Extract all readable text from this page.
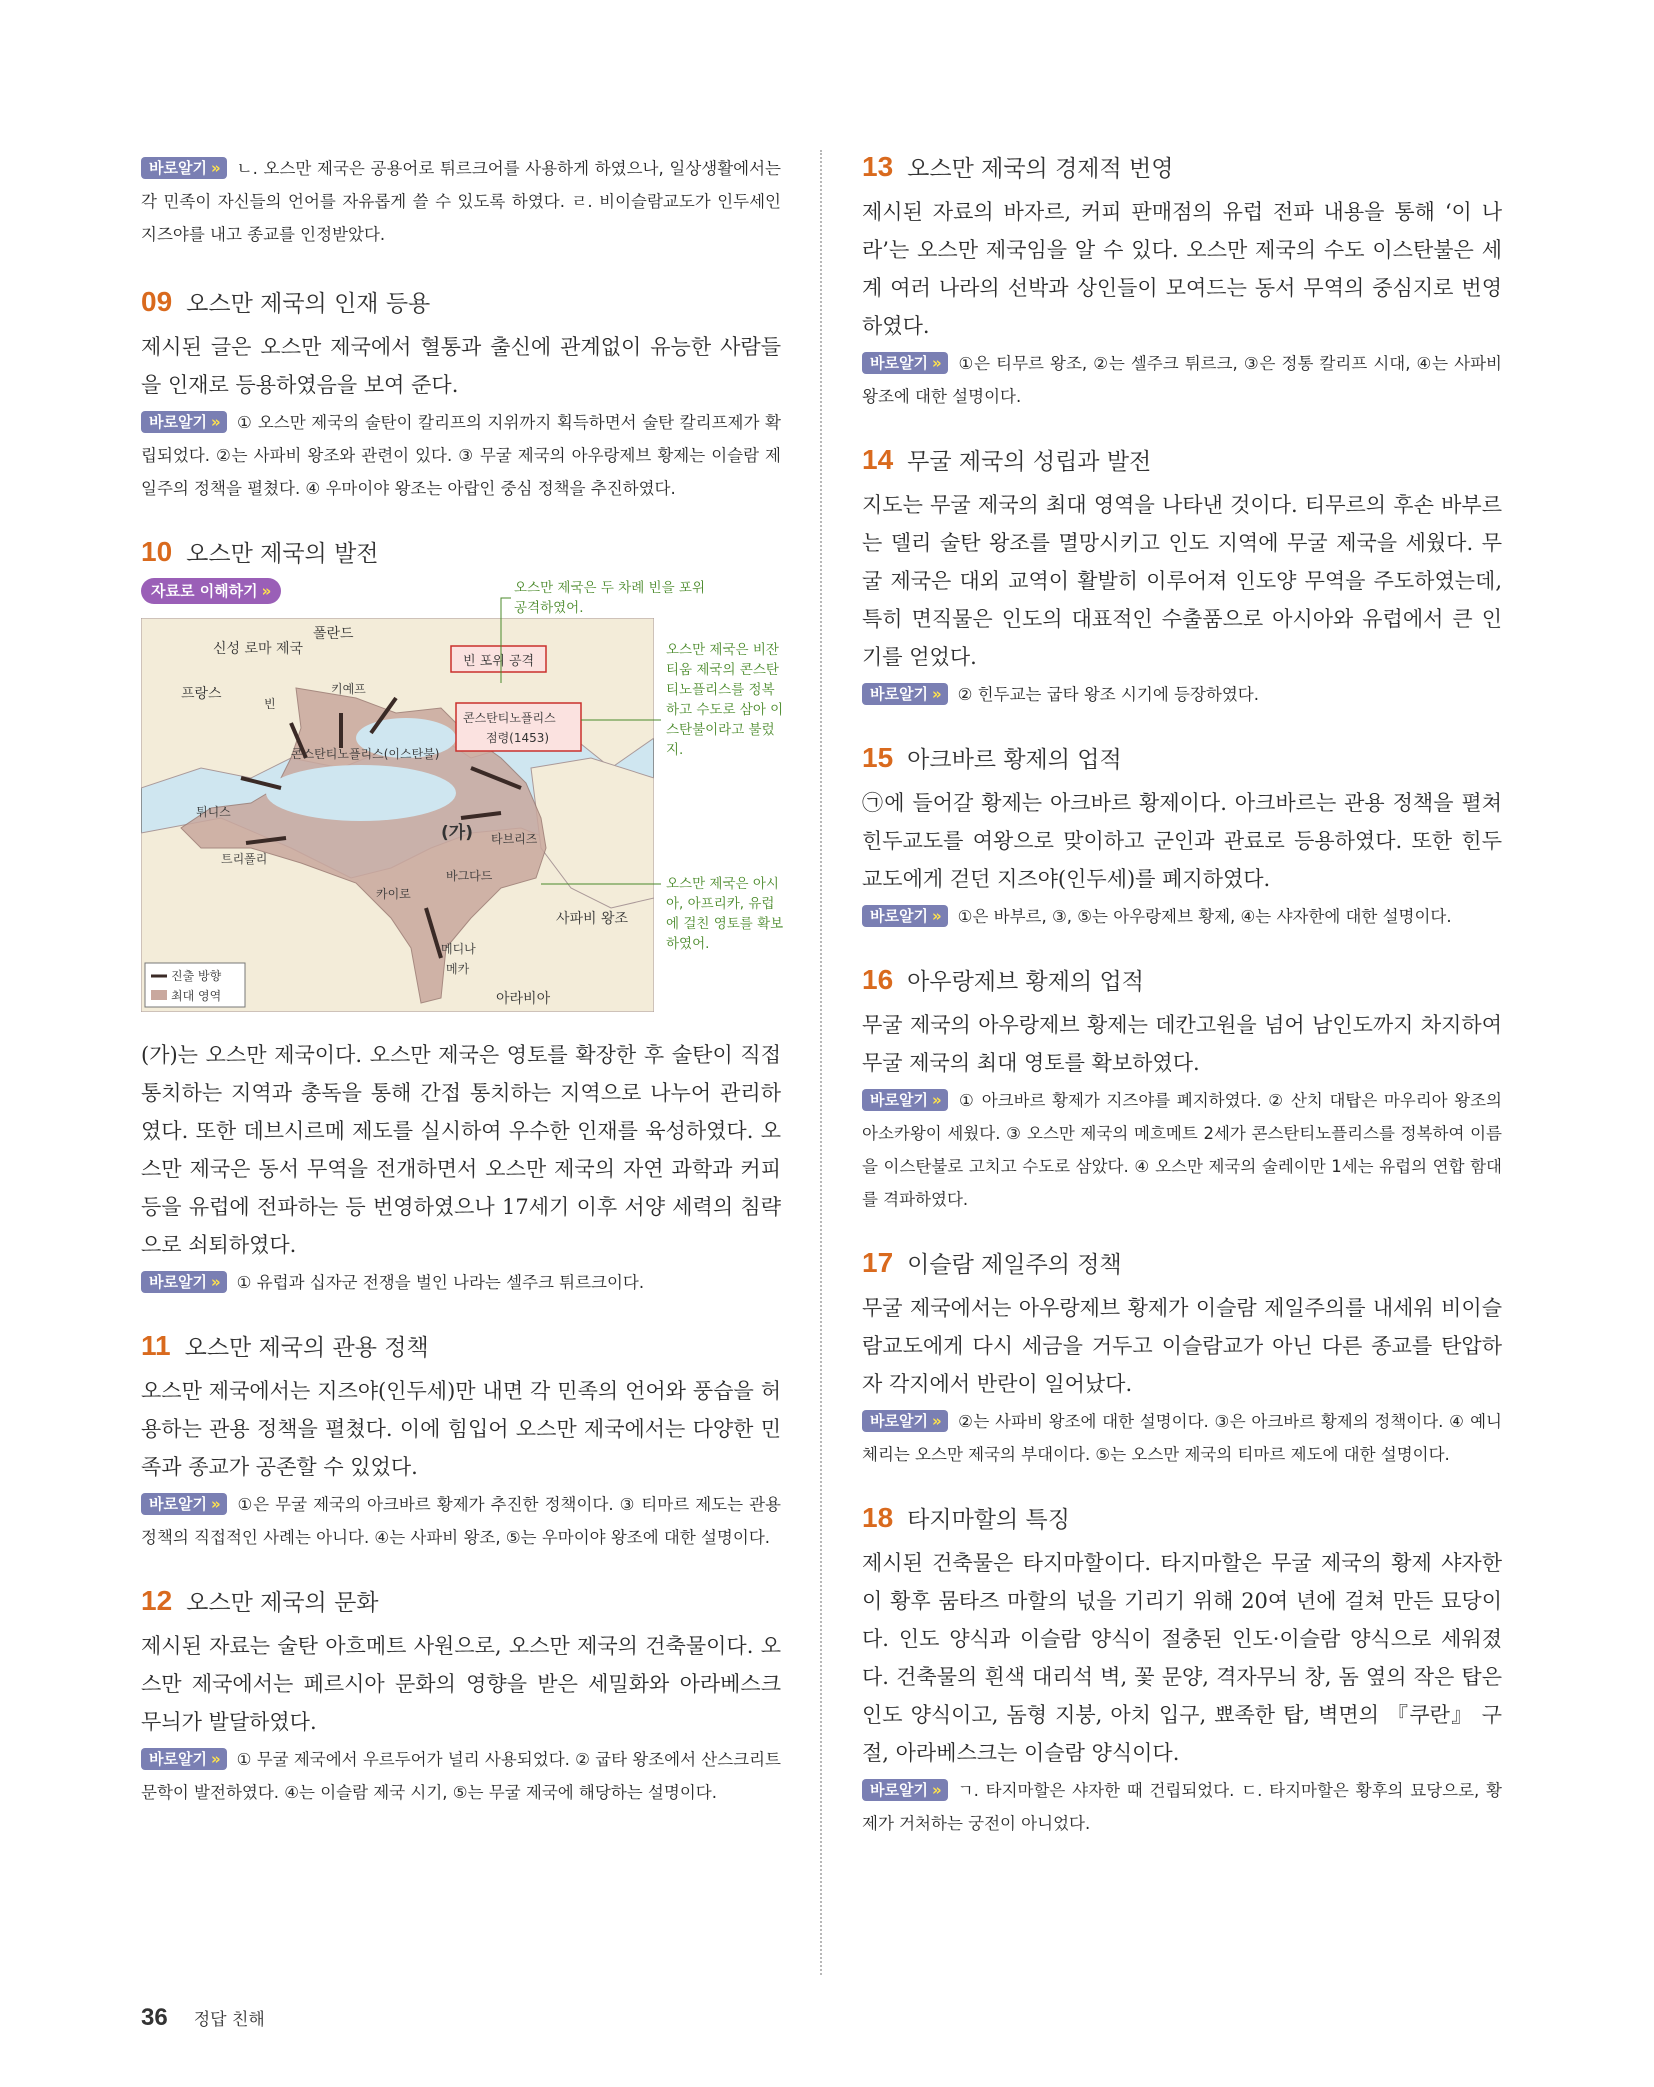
바로알기 » ㄴ. 오스만 제국은 공용어로 튀르크어를 사용하게 하였으나, 일상생활에서는 각 민족이 자신들의 언어를 자유롭게 쓸 수 있도록 하였다. ㄹ. 비이슬람교도가 인두세인 지즈야를 내고 종교를 인정받았다.

09 오스만 제국의 인재 등용

제시된 글은 오스만 제국에서 혈통과 출신에 관계없이 유능한 사람들을 인재로 등용하였음을 보여 준다.

바로알기 » ① 오스만 제국의 술탄이 칼리프의 지위까지 획득하면서 술탄 칼리프제가 확립되었다. ②는 사파비 왕조와 관련이 있다. ③ 무굴 제국의 아우랑제브 황제는 이슬람 제일주의 정책을 펼쳤다. ④ 우마이야 왕조는 아랍인 중심 정책을 추진하였다.

10 오스만 제국의 발전
자료로 이해하기 »
신성 로마 제국
폴란드
프랑스
빈
키예프
콘스탄티노플리스(이스탄불)
튀니스
트리폴리
카이로
바그다드
타브리즈
메디나
메카
아라비아
사파비 왕조
(가)
빈 포위 공격
콘스탄티노플리스
점령(1453)
진출 방향
최대 영역
오스만 제국은 두 차례 빈을 포위 공격하였어.
오스만 제국은 비잔티움 제국의 콘스탄티노플리스를 정복하고 수도로 삼아 이스탄불이라고 불렀지.
오스만 제국은 아시아, 아프리카, 유럽에 걸친 영토를 확보하였어.

(가)는 오스만 제국이다. 오스만 제국은 영토를 확장한 후 술탄이 직접 통치하는 지역과 총독을 통해 간접 통치하는 지역으로 나누어 관리하였다. 또한 데브시르메 제도를 실시하여 우수한 인재를 육성하였다. 오스만 제국은 동서 무역을 전개하면서 오스만 제국의 자연 과학과 커피 등을 유럽에 전파하는 등 번영하였으나 17세기 이후 서양 세력의 침략으로 쇠퇴하였다.

바로알기 » ① 유럽과 십자군 전쟁을 벌인 나라는 셀주크 튀르크이다.

11 오스만 제국의 관용 정책

오스만 제국에서는 지즈야(인두세)만 내면 각 민족의 언어와 풍습을 허용하는 관용 정책을 펼쳤다. 이에 힘입어 오스만 제국에서는 다양한 민족과 종교가 공존할 수 있었다.

바로알기 » ①은 무굴 제국의 아크바르 황제가 추진한 정책이다. ③ 티마르 제도는 관용 정책의 직접적인 사례는 아니다. ④는 사파비 왕조, ⑤는 우마이야 왕조에 대한 설명이다.

12 오스만 제국의 문화

제시된 자료는 술탄 아흐메트 사원으로, 오스만 제국의 건축물이다. 오스만 제국에서는 페르시아 문화의 영향을 받은 세밀화와 아라베스크 무늬가 발달하였다.

바로알기 » ① 무굴 제국에서 우르두어가 널리 사용되었다. ② 굽타 왕조에서 산스크리트 문학이 발전하였다. ④는 이슬람 제국 시기, ⑤는 무굴 제국에 해당하는 설명이다.

13 오스만 제국의 경제적 번영

제시된 자료의 바자르, 커피 판매점의 유럽 전파 내용을 통해 ‘이 나라’는 오스만 제국임을 알 수 있다. 오스만 제국의 수도 이스탄불은 세계 여러 나라의 선박과 상인들이 모여드는 동서 무역의 중심지로 번영하였다.

바로알기 » ①은 티무르 왕조, ②는 셀주크 튀르크, ③은 정통 칼리프 시대, ④는 사파비 왕조에 대한 설명이다.

14 무굴 제국의 성립과 발전

지도는 무굴 제국의 최대 영역을 나타낸 것이다. 티무르의 후손 바부르는 델리 술탄 왕조를 멸망시키고 인도 지역에 무굴 제국을 세웠다. 무굴 제국은 대외 교역이 활발히 이루어져 인도양 무역을 주도하였는데, 특히 면직물은 인도의 대표적인 수출품으로 아시아와 유럽에서 큰 인기를 얻었다.

바로알기 » ② 힌두교는 굽타 왕조 시기에 등장하였다.

15 아크바르 황제의 업적

㉠에 들어갈 황제는 아크바르 황제이다. 아크바르는 관용 정책을 펼쳐 힌두교도를 여왕으로 맞이하고 군인과 관료로 등용하였다. 또한 힌두교도에게 걷던 지즈야(인두세)를 폐지하였다.

바로알기 » ①은 바부르, ③, ⑤는 아우랑제브 황제, ④는 샤자한에 대한 설명이다.

16 아우랑제브 황제의 업적

무굴 제국의 아우랑제브 황제는 데칸고원을 넘어 남인도까지 차지하여 무굴 제국의 최대 영토를 확보하였다.

바로알기 » ① 아크바르 황제가 지즈야를 폐지하였다. ② 산치 대탑은 마우리아 왕조의 아소카왕이 세웠다. ③ 오스만 제국의 메흐메트 2세가 콘스탄티노플리스를 정복하여 이름을 이스탄불로 고치고 수도로 삼았다. ④ 오스만 제국의 술레이만 1세는 유럽의 연합 함대를 격파하였다.

17 이슬람 제일주의 정책

무굴 제국에서는 아우랑제브 황제가 이슬람 제일주의를 내세워 비이슬람교도에게 다시 세금을 거두고 이슬람교가 아닌 다른 종교를 탄압하자 각지에서 반란이 일어났다.

바로알기 » ②는 사파비 왕조에 대한 설명이다. ③은 아크바르 황제의 정책이다. ④ 예니체리는 오스만 제국의 부대이다. ⑤는 오스만 제국의 티마르 제도에 대한 설명이다.

18 타지마할의 특징

제시된 건축물은 타지마할이다. 타지마할은 무굴 제국의 황제 샤자한이 황후 뭄타즈 마할의 넋을 기리기 위해 20여 년에 걸쳐 만든 묘당이다. 인도 양식과 이슬람 양식이 절충된 인도·이슬람 양식으로 세워졌다. 건축물의 흰색 대리석 벽, 꽃 문양, 격자무늬 창, 돔 옆의 작은 탑은 인도 양식이고, 돔형 지붕, 아치 입구, 뾰족한 탑, 벽면의 『쿠란』 구절, 아라베스크는 이슬람 양식이다.

바로알기 » ㄱ. 타지마할은 샤자한 때 건립되었다. ㄷ. 타지마할은 황후의 묘당으로, 황제가 거처하는 궁전이 아니었다.

36 정답 친해
